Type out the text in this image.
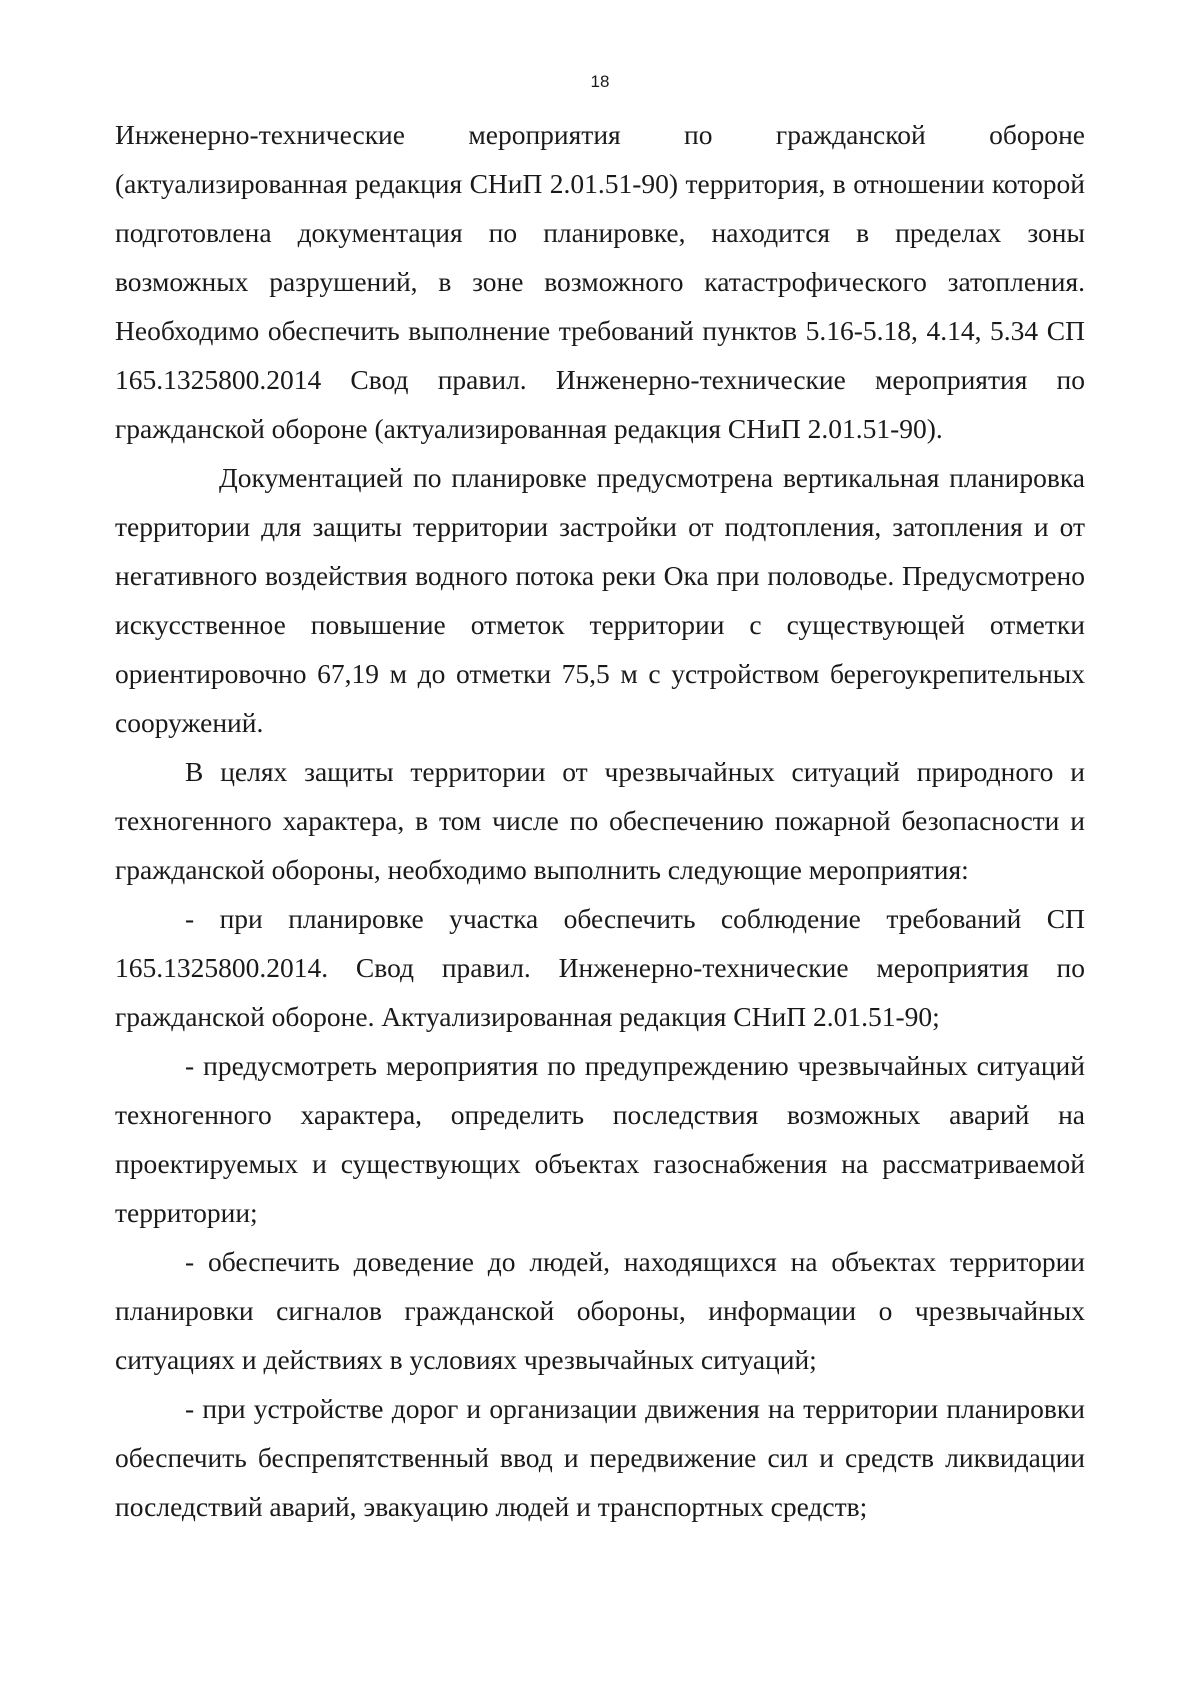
18

Инженерно-технические мероприятия по гражданской обороне (актуализированная редакция СНиП 2.01.51-90) территория, в отношении которой подготовлена документация по планировке, находится в пределах зоны возможных разрушений, в зоне возможного катастрофического затопления. Необходимо обеспечить выполнение требований пунктов 5.16-5.18, 4.14, 5.34 СП 165.1325800.2014 Свод правил. Инженерно-технические мероприятия по гражданской обороне (актуализированная редакция СНиП 2.01.51-90).

Документацией по планировке предусмотрена вертикальная планировка территории для защиты территории застройки от подтопления, затопления и от негативного воздействия водного потока реки Ока при половодье. Предусмотрено искусственное повышение отметок территории с существующей отметки ориентировочно 67,19 м до отметки 75,5 м с устройством берегоукрепительных сооружений.

В целях защиты территории от чрезвычайных ситуаций природного и техногенного характера, в том числе по обеспечению пожарной безопасности и гражданской обороны, необходимо выполнить следующие мероприятия:

- при планировке участка обеспечить соблюдение требований СП 165.1325800.2014. Свод правил. Инженерно-технические мероприятия по гражданской обороне. Актуализированная редакция СНиП 2.01.51-90;

- предусмотреть мероприятия по предупреждению чрезвычайных ситуаций техногенного характера, определить последствия возможных аварий на проектируемых и существующих объектах газоснабжения на рассматриваемой территории;

- обеспечить доведение до людей, находящихся на объектах территории планировки сигналов гражданской обороны, информации о чрезвычайных ситуациях и действиях в условиях чрезвычайных ситуаций;

- при устройстве дорог и организации движения на территории планировки обеспечить беспрепятственный ввод и передвижение сил и средств ликвидации последствий аварий, эвакуацию людей и транспортных средств;
